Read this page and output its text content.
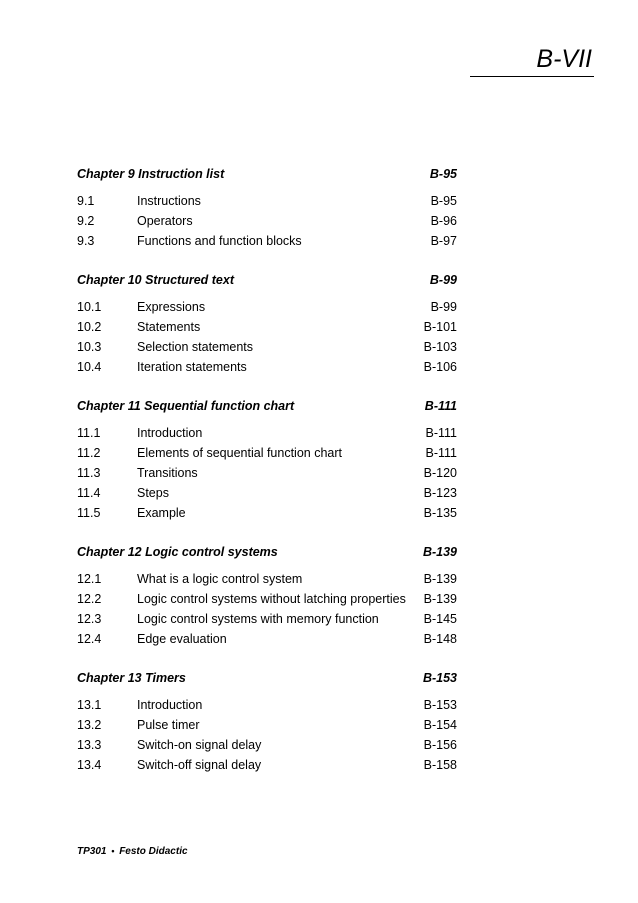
B-VII
Chapter 9 Instruction list	B-95
9.1	Instructions	B-95
9.2	Operators	B-96
9.3	Functions and function blocks	B-97
Chapter 10 Structured text	B-99
10.1	Expressions	B-99
10.2	Statements	B-101
10.3	Selection statements	B-103
10.4	Iteration statements	B-106
Chapter 11 Sequential function chart	B-111
11.1	Introduction	B-111
11.2	Elements of sequential function chart	B-111
11.3	Transitions	B-120
11.4	Steps	B-123
11.5	Example	B-135
Chapter 12 Logic control systems	B-139
12.1	What is a logic control system	B-139
12.2	Logic control systems without latching properties B-139
12.3	Logic control systems with memory function	B-145
12.4	Edge evaluation	B-148
Chapter 13 Timers	B-153
13.1	Introduction	B-153
13.2	Pulse timer	B-154
13.3	Switch-on signal delay	B-156
13.4	Switch-off signal delay	B-158
TP301 • Festo Didactic
